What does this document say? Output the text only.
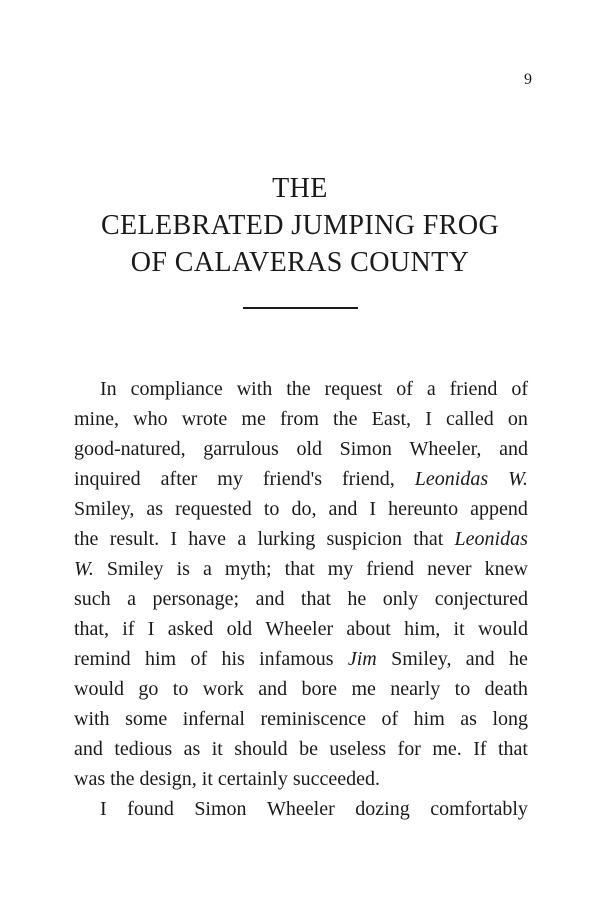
9
THE
CELEBRATED JUMPING FROG
OF CALAVERAS COUNTY
In compliance with the request of a friend of
mine, who wrote me from the East, I called on
good-natured, garrulous old Simon Wheeler, and
inquired after my friend's friend, Leonidas W.
Smiley, as requested to do, and I hereunto append
the result. I have a lurking suspicion that Leonidas
W. Smiley is a myth; that my friend never knew
such a personage; and that he only conjectured
that, if I asked old Wheeler about him, it would
remind him of his infamous Jim Smiley, and he
would go to work and bore me nearly to death
with some infernal reminiscence of him as long
and tedious as it should be useless for me. If that
was the design, it certainly succeeded.
I found Simon Wheeler dozing comfortably
